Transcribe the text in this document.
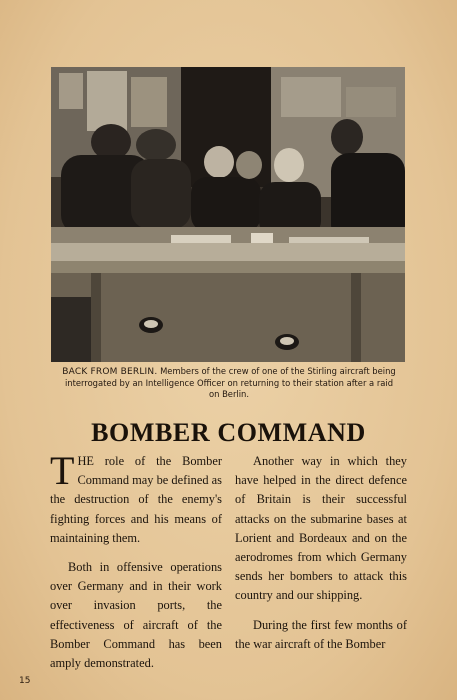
BACK FROM BERLIN. Members of the crew of one of the Stirling aircraft being interrogated by an Intelligence Officer on returning to their station after a raid on Berlin.
BOMBER COMMAND

THE role of the Bomber Command may be defined as the destruction of the enemy's fighting forces and his means of maintaining them.

Both in offensive operations over Germany and in their work over invasion ports, the effectiveness of aircraft of the Bomber Command has been amply demonstrated.

Another way in which they have helped in the direct defence of Britain is their successful attacks on the submarine bases at Lorient and Bordeaux and on the aerodromes from which Germany sends her bombers to attack this country and our shipping.

During the first few months of the war aircraft of the Bomber

15
